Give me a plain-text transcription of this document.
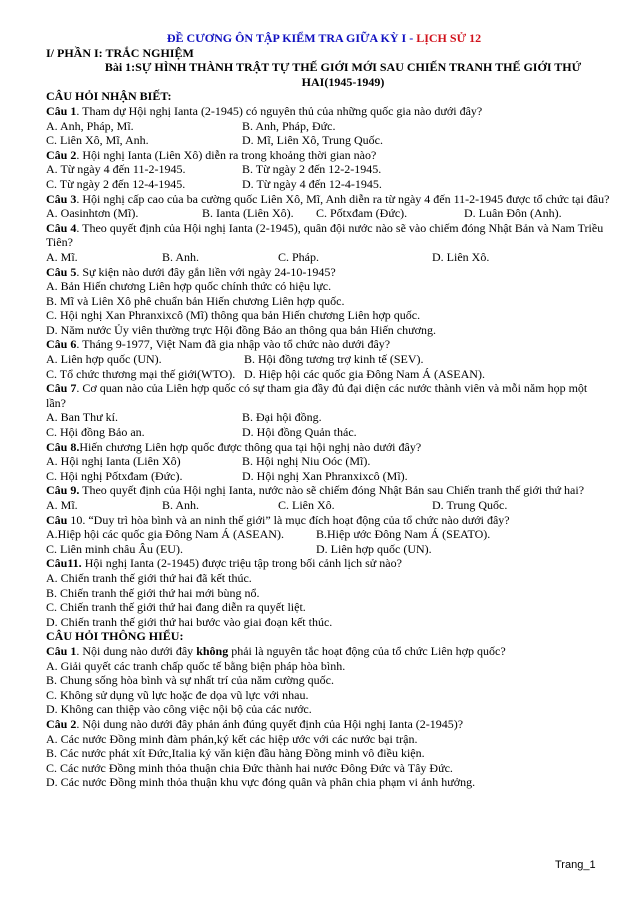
ĐỀ CƯƠNG ÔN TẬP KIỂM TRA GIỮA KỲ I - LỊCH SỬ 12
I/ PHẦN I: TRẮC NGHIỆM
Bài 1:SỰ HÌNH THÀNH TRẬT TỰ THẾ GIỚI MỚI SAU CHIẾN TRANH THẾ GIỚI THỨ
HAI(1945-1949)
CÂU HỎI NHẬN BIẾT:
Câu 1. Tham dự Hội nghị Ianta (2-1945) có nguyên thủ của những quốc gia nào dưới đây?
A. Anh, Pháp, Mĩ.	B. Anh, Pháp, Đức.
C. Liên Xô, Mĩ, Anh.	D. Mĩ, Liên Xô, Trung Quốc.
Câu 2. Hội nghị Ianta (Liên Xô) diễn ra trong khoảng thời gian nào?
A. Từ ngày 4 đến 11-2-1945.	B. Từ ngày 2 đến 12-2-1945.
C. Từ ngày 2 đến 12-4-1945.	D. Từ ngày 4 đến 12-4-1945.
Câu 3. Hội nghị cấp cao của ba cường quốc Liên Xô, Mĩ, Anh diễn ra từ ngày 4 đến 11-2-1945 được tổ chức tại đâu?
A. Oasinhtơn (Mĩ).	B. Ianta (Liên Xô).	C. Pốtxđam (Đức).	D. Luân Đôn (Anh).
Câu 4. Theo quyết định của Hội nghị Ianta (2-1945), quân đội nước nào sẽ vào chiếm đóng Nhật Bản và Nam Triều Tiên?
A. Mĩ.	B. Anh.	C. Pháp.	D. Liên Xô.
Câu 5. Sự kiện nào dưới đây gắn liền với ngày 24-10-1945?
A. Bản Hiến chương Liên hợp quốc chính thức có hiệu lực.
B. Mĩ và Liên Xô phê chuẩn bản Hiến chương Liên hợp quốc.
C. Hội nghị Xan Phranxixcô (Mĩ) thông qua bản Hiến chương Liên hợp quốc.
D. Năm nước Ủy viên thường trực Hội đồng Bảo an thông qua bản Hiến chương.
Câu 6. Tháng 9-1977, Việt Nam đã gia nhập vào tổ chức nào dưới đây?
A. Liên hợp quốc (UN).	B. Hội đồng tương trợ kinh tế (SEV).
C. Tổ chức thương mại thế giới(WTO). D. Hiệp hội các quốc gia Đông Nam Á (ASEAN).
Câu 7. Cơ quan nào của Liên hợp quốc có sự tham gia đầy đủ đại diện các nước thành viên và mỗi năm họp một lần?
A. Ban Thư kí.	B. Đại hội đồng.
C. Hội đồng Bảo an.	D. Hội đồng Quản thác.
Câu 8.Hiến chương Liên hợp quốc được thông qua tại hội nghị nào dưới đây?
A. Hội nghị Ianta (Liên Xô)	B. Hội nghị Niu Oóc (Mĩ).
C. Hội nghị Pốtxđam (Đức).	D. Hội nghị Xan Phranxixcô (Mĩ).
Câu 9. Theo quyết định của Hội nghị Ianta, nước nào sẽ chiếm đóng Nhật Bản sau Chiến tranh thế giới thứ hai?
A. Mĩ.	B. Anh.	C. Liên Xô.	D. Trung Quốc.
Câu 10. “Duy trì hòa bình và an ninh thế giới” là mục đích hoạt động của tổ chức nào dưới đây?
A.Hiệp hội các quốc gia Đông Nam Á (ASEAN).	B.Hiệp ước Đông Nam Á (SEATO).
C. Liên minh châu Âu (EU).	D. Liên hợp quốc (UN).
Câu11. Hội nghị Ianta (2-1945) được triệu tập trong bối cảnh lịch sử nào?
A. Chiến tranh thế giới thứ hai đã kết thúc.
B. Chiến tranh thế giới thứ hai mới bùng nổ.
C. Chiến tranh thế giới thứ hai đang diễn ra quyết liệt.
D. Chiến tranh thế giới thứ hai bước vào giai đoạn kết thúc.
CÂU HỎI THÔNG HIỂU:
Câu 1. Nội dung nào dưới đây không phải là nguyên tắc hoạt động của tổ chức Liên hợp quốc?
A. Giải quyết các tranh chấp quốc tế bằng biện pháp hòa bình.
B. Chung sống hòa bình và sự nhất trí của năm cường quốc.
C. Không sử dụng vũ lực hoặc đe dọa vũ lực với nhau.
D. Không can thiệp vào công việc nội bộ của các nước.
Câu 2. Nội dung nào dưới đây phản ánh đúng quyết định của Hội nghị Ianta (2-1945)?
A. Các nước Đồng minh đàm phán,ký kết các hiệp ước với các nước bại trận.
B. Các nước phát xít Đức,Italia ký văn kiện đầu hàng Đồng minh vô điều kiện.
C. Các nước Đồng minh thỏa thuận chia Đức thành hai nước Đông Đức và Tây Đức.
D. Các nước Đồng minh thỏa thuận khu vực đóng quân và phân chia phạm vi ảnh hưởng.
Trang_1
